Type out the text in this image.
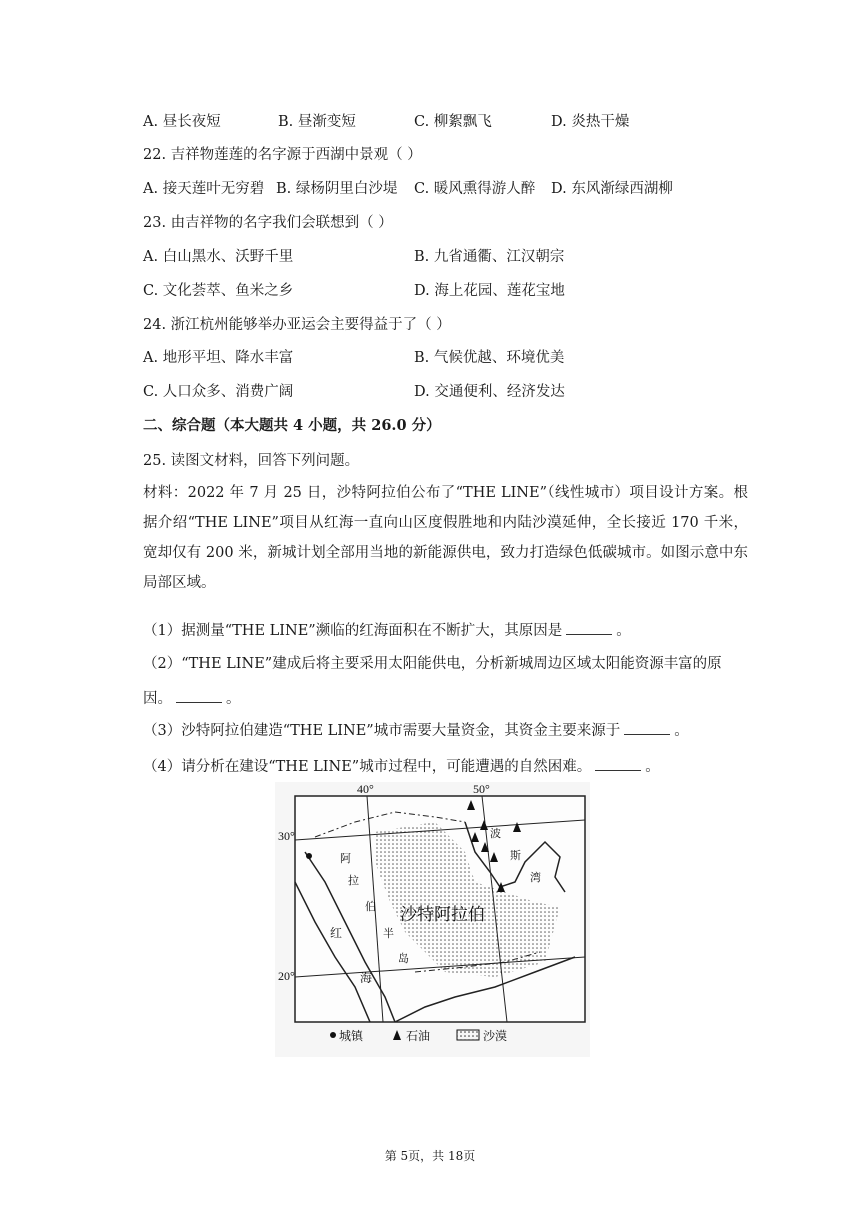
A. 昼长夜短	B. 昼渐变短	C. 柳絮飘飞	D. 炎热干燥
22. 吉祥物莲莲的名字源于西湖中景观（ ）
A. 接天莲叶无穷碧 B. 绿杨阴里白沙堤 C. 暖风熏得游人醉 D. 东风渐绿西湖柳
23. 由吉祥物的名字我们会联想到（ ）
A. 白山黑水、沃野千里	B. 九省通衢、江汉朝宗
C. 文化荟萃、鱼米之乡	D. 海上花园、莲花宝地
24. 浙江杭州能够举办亚运会主要得益于了（ ）
A. 地形平坦、降水丰富	B. 气候优越、环境优美
C. 人口众多、消费广阔	D. 交通便利、经济发达
二、综合题（本大题共 4 小题，共 26.0 分）
25. 读图文材料，回答下列问题。
材料：2022 年 7 月 25 日，沙特阿拉伯公布了“THE LINE”（线性城市）项目设计方案。根据介绍“THE LINE”项目从红海一直向山区度假胜地和内陆沙漠延伸，全长接近 170 千米，宽却仅有 200 米，新城计划全部用当地的新能源供电，致力打造绿色低碳城市。如图示意中东局部区域。
（1）据测量“THE LINE”濒临的红海面积在不断扩大，其原因是	。
（2）“THE LINE”建成后将主要采用太阳能供电，分析新城周边区域太阳能资源丰富的原
因。	。
（3）沙特阿拉伯建造“THE LINE”城市需要大量资金，其资金主要来源于	。
（4）请分析在建设“THE LINE”城市过程中，可能遭遇的自然困难。	。
40°	50°
30°
20°
沙特阿拉伯
红
海
波
斯
湾
阿
拉
伯
半
岛
城镇	石油	沙漠
第 5页，共 18页
